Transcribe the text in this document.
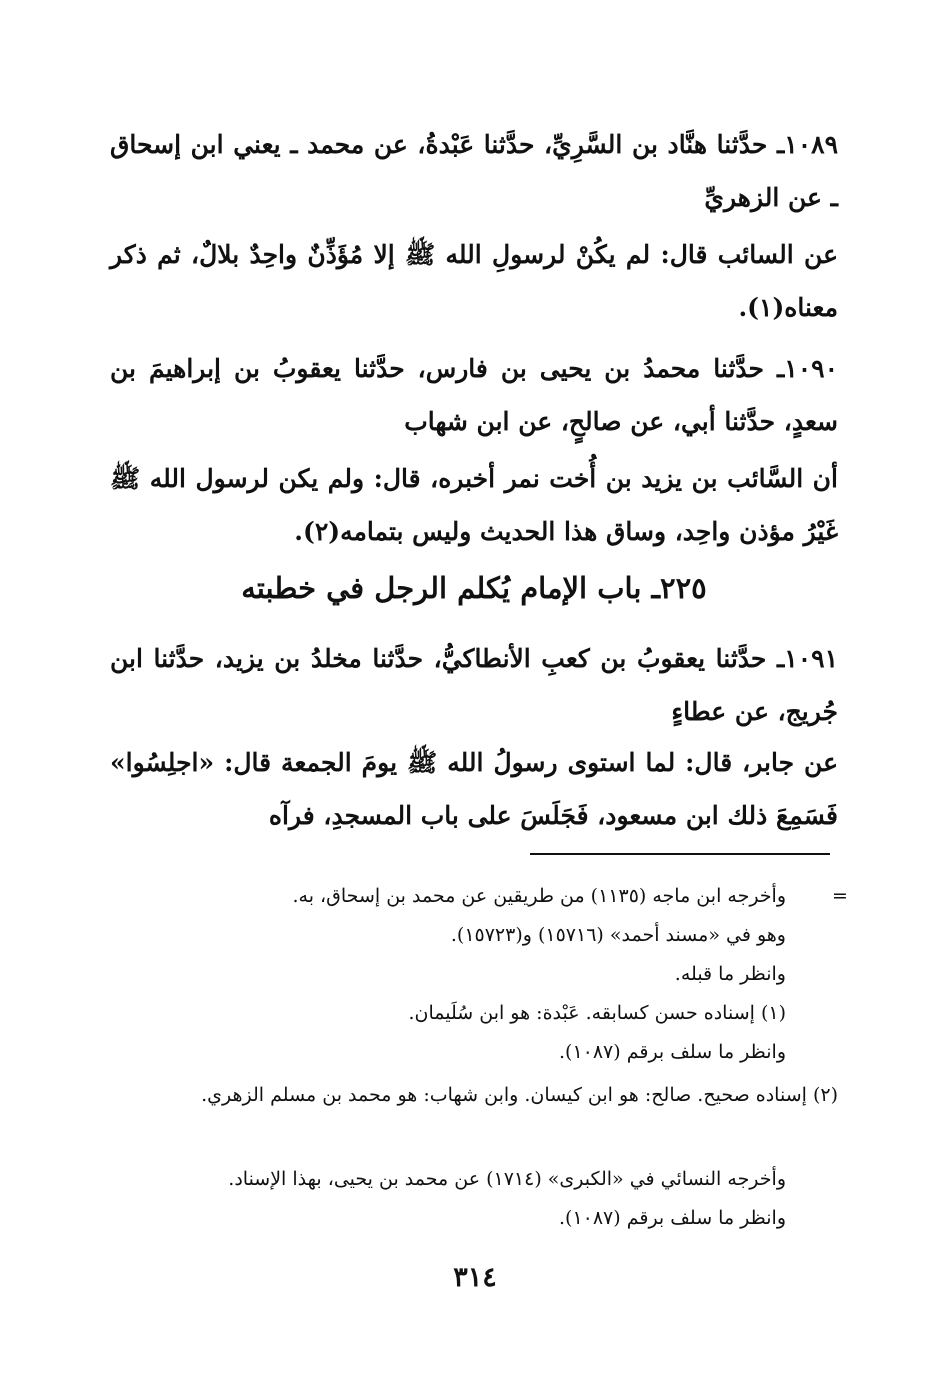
١٠٨٩ـ حدَّثنا هنَّاد بن السَّرِيِّ، حدَّثنا عَبْدةُ، عن محمد ـ يعني ابن إسحاق ـ عن الزهريِّ

عن السائب قال: لم يكُنْ لرسولِ الله ﷺ إلا مُؤَذِّنٌ واحِدٌ بلالٌ، ثم ذكر معناه(١).

١٠٩٠ـ حدَّثنا محمدُ بن يحيى بن فارس، حدَّثنا يعقوبُ بن إبراهيمَ بن سعدٍ، حدَّثنا أبي، عن صالحٍ، عن ابن شهاب

أن السَّائب بن يزيد بن أُخت نمر أخبره، قال: ولم يكن لرسول الله ﷺ غَيْرُ مؤذن واحِد، وساق هذا الحديث وليس بتمامه(٢).

٢٢٥ـ باب الإمام يُكلم الرجل في خطبته

١٠٩١ـ حدَّثنا يعقوبُ بن كعبِ الأنطاكيُّ، حدَّثنا مخلدُ بن يزيد، حدَّثنا ابن جُريج، عن عطاءٍ

عن جابر، قال: لما استوى رسولُ الله ﷺ يومَ الجمعة قال: «اجلِسُوا» فَسَمِعَ ذلك ابن مسعود، فَجَلَسَ على باب المسجدِ، فرآه

=

وأخرجه ابن ماجه (١١٣٥) من طريقين عن محمد بن إسحاق، به.

وهو في «مسند أحمد» (١٥٧١٦) و(١٥٧٢٣).

وانظر ما قبله.

(١) إسناده حسن كسابقه. عَبْدة: هو ابن سُلَيمان.

وانظر ما سلف برقم (١٠٨٧).

(٢) إسناده صحيح. صالح: هو ابن كيسان. وابن شهاب: هو محمد بن مسلم الزهري.

وأخرجه النسائي في «الكبرى» (١٧١٤) عن محمد بن يحيى، بهذا الإسناد.

وانظر ما سلف برقم (١٠٨٧).

٣١٤
